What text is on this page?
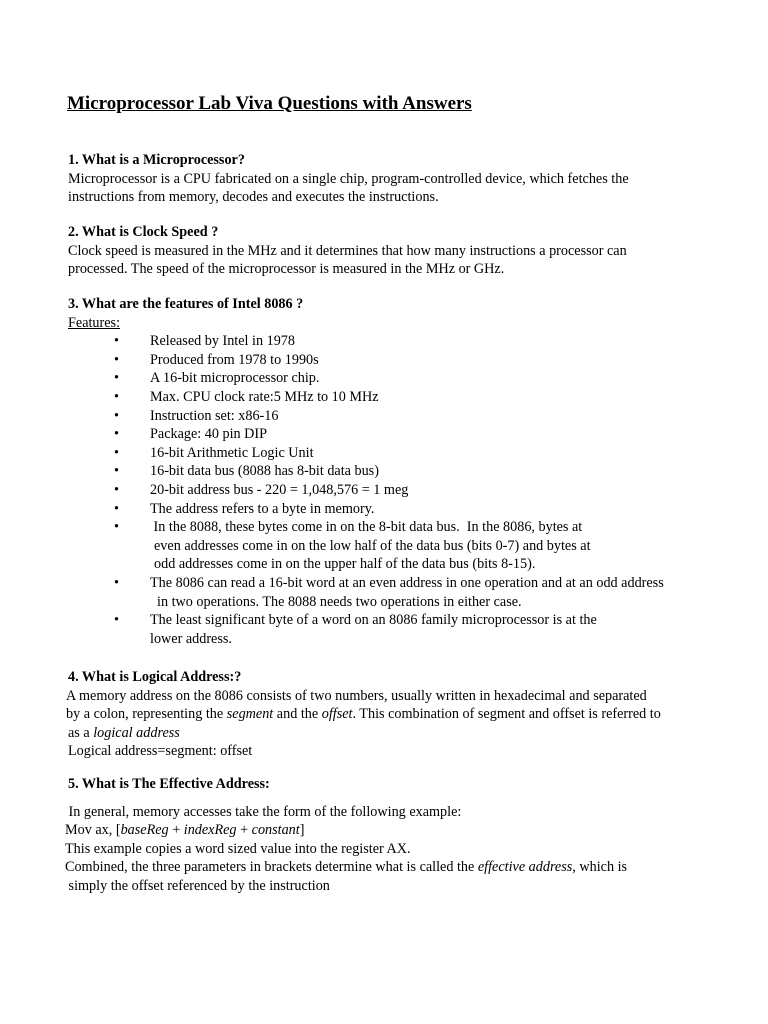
Microprocessor Lab Viva Questions with Answers

1. What is a Microprocessor?

Microprocessor is a CPU fabricated on a single chip, program-controlled device, which fetches the

instructions from memory, decodes and executes the instructions.

2. What is Clock Speed ?

Clock speed is measured in the MHz and it determines that how many instructions a processor can

processed. The speed of the microprocessor is measured in the MHz or GHz.

3. What are the features of Intel 8086 ?

Features:

• Released by Intel in 1978
• Produced from 1978 to 1990s
• A 16-bit microprocessor chip.
• Max. CPU clock rate:5 MHz to 10 MHz
• Instruction set: x86-16
• Package: 40 pin DIP
• 16-bit Arithmetic Logic Unit
• 16-bit data bus (8088 has 8-bit data bus)
• 20-bit address bus - 220 = 1,048,576 = 1 meg
• The address refers to a byte in memory.
• In the 8088, these bytes come in on the 8-bit data bus.  In the 8086, bytes at
even addresses come in on the low half of the data bus (bits 0-7) and bytes at
odd addresses come in on the upper half of the data bus (bits 8-15).
• The 8086 can read a 16-bit word at an even address in one operation and at an odd address
in two operations. The 8088 needs two operations in either case.
• The least significant byte of a word on an 8086 family microprocessor is at the
lower address.

4. What is Logical Address:?

A memory address on the 8086 consists of two numbers, usually written in hexadecimal and separated

by a colon, representing the segment and the offset. This combination of segment and offset is referred to

as a logical address

Logical address=segment: offset

5. What is The Effective Address:

In general, memory accesses take the form of the following example:

Mov ax, [baseReg + indexReg + constant]

This example copies a word sized value into the register AX.

Combined, the three parameters in brackets determine what is called the effective address, which is

simply the offset referenced by the instruction
